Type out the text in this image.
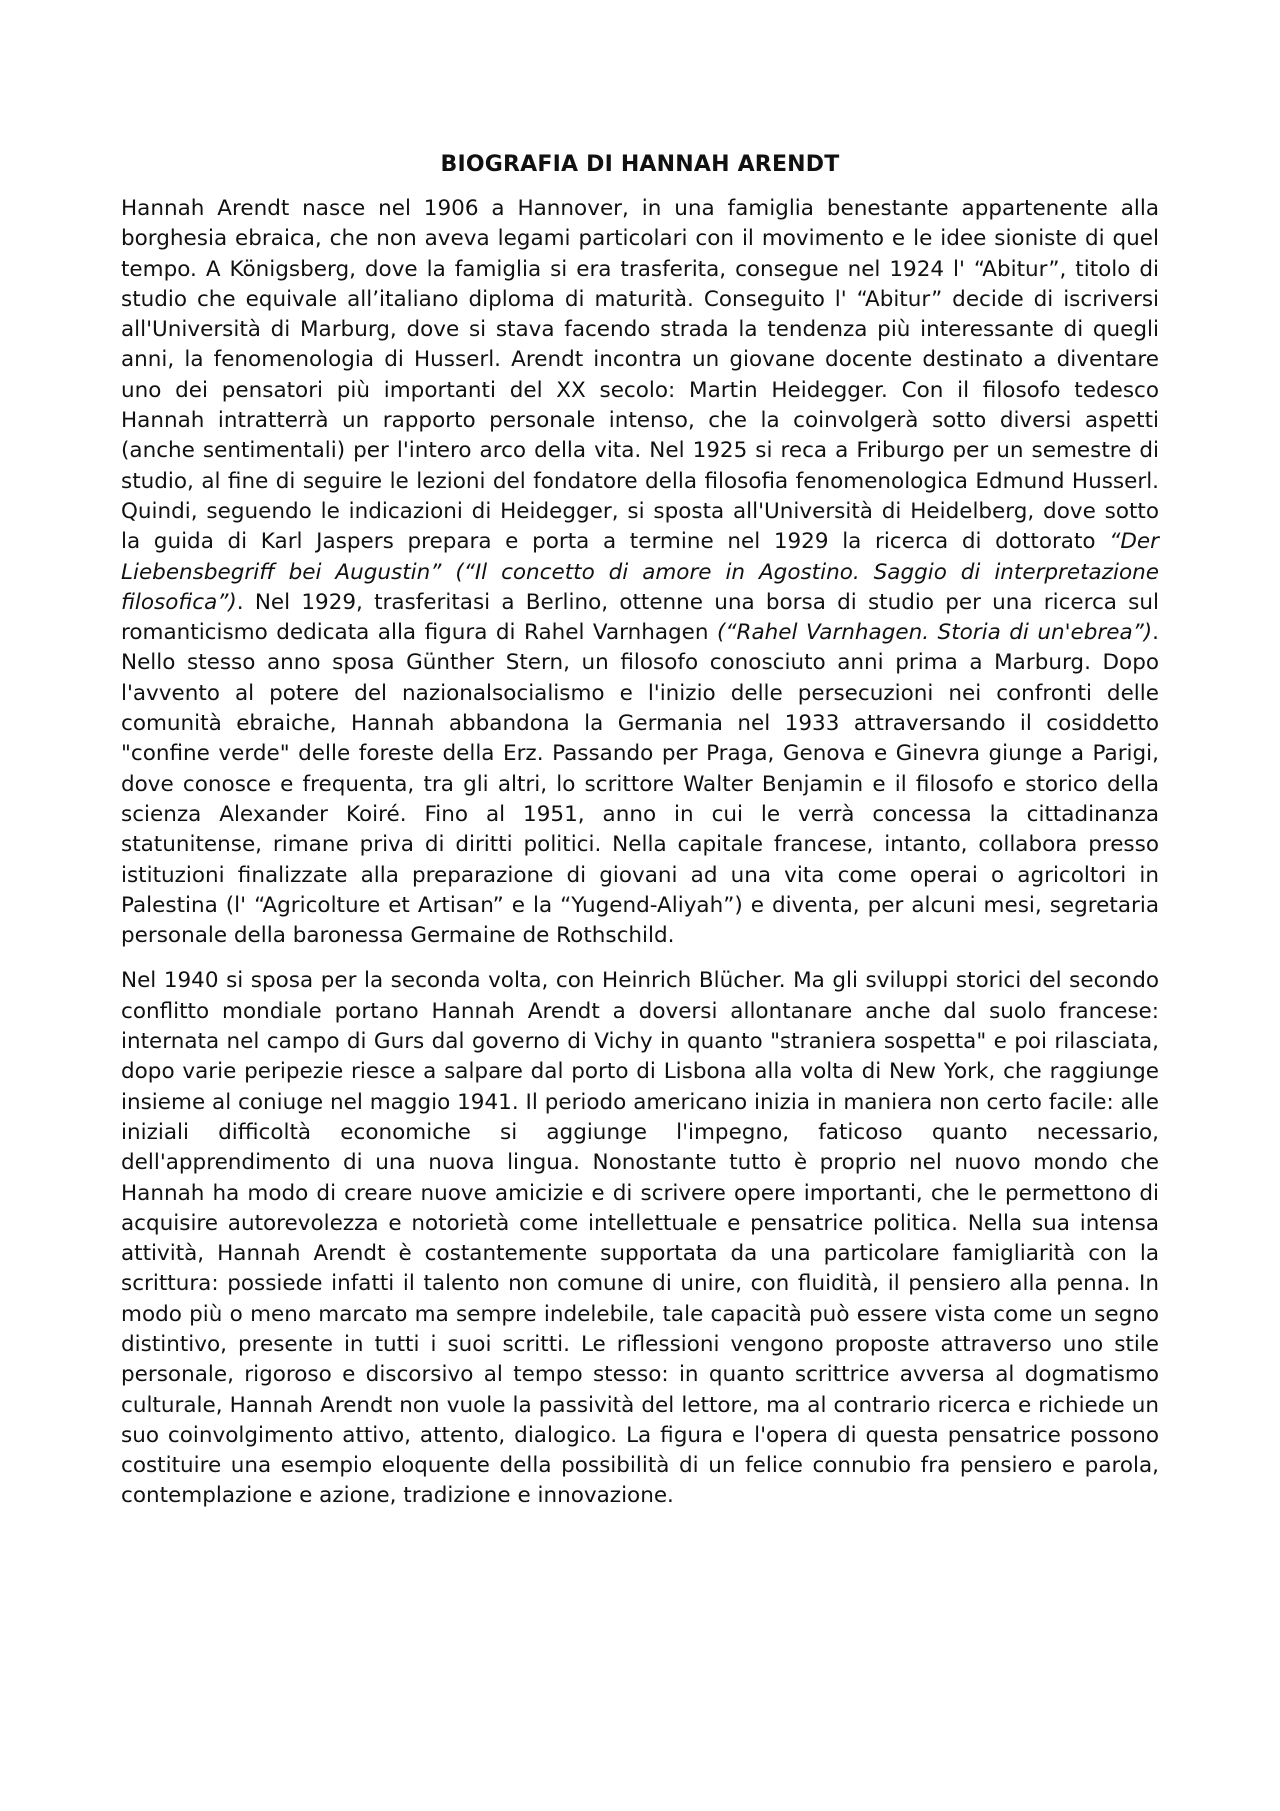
BIOGRAFIA DI HANNAH ARENDT

Hannah Arendt nasce nel 1906 a Hannover, in una famiglia benestante appartenente alla borghesia ebraica, che non aveva legami particolari con il movimento e le idee sioniste di quel tempo. A Königsberg, dove la famiglia si era trasferita, consegue nel 1924 l' “Abitur”, titolo di studio che equivale all’italiano diploma di maturità. Conseguito l' “Abitur” decide di iscriversi all'Università di Marburg, dove si stava facendo strada la tendenza più interessante di quegli anni, la fenomenologia di Husserl. Arendt incontra un giovane docente destinato a diventare uno dei pensatori più importanti del XX secolo: Martin Heidegger. Con il filosofo tedesco Hannah intratterrà un rapporto personale intenso, che la coinvolgerà sotto diversi aspetti (anche sentimentali) per l'intero arco della vita. Nel 1925 si reca a Friburgo per un semestre di studio, al fine di seguire le lezioni del fondatore della filosofia fenomenologica Edmund Husserl. Quindi, seguendo le indicazioni di Heidegger, si sposta all'Università di Heidelberg, dove sotto la guida di Karl Jaspers prepara e porta a termine nel 1929 la ricerca di dottorato “Der Liebensbegriff bei Augustin” (“Il concetto di amore in Agostino. Saggio di interpretazione filosofica”). Nel 1929, trasferitasi a Berlino, ottenne una borsa di studio per una ricerca sul romanticismo dedicata alla figura di Rahel Varnhagen (“Rahel Varnhagen. Storia di un'ebrea”). Nello stesso anno sposa Günther Stern, un filosofo conosciuto anni prima a Marburg. Dopo l'avvento al potere del nazionalsocialismo e l'inizio delle persecuzioni nei confronti delle comunità ebraiche, Hannah abbandona la Germania nel 1933 attraversando il cosiddetto "confine verde" delle foreste della Erz. Passando per Praga, Genova e Ginevra giunge a Parigi, dove conosce e frequenta, tra gli altri, lo scrittore Walter Benjamin e il filosofo e storico della scienza Alexander Koiré. Fino al 1951, anno in cui le verrà concessa la cittadinanza statunitense, rimane priva di diritti politici. Nella capitale francese, intanto, collabora presso istituzioni finalizzate alla preparazione di giovani ad una vita come operai o agricoltori in Palestina (l' “Agricolture et Artisan” e la “Yugend-Aliyah”) e diventa, per alcuni mesi, segretaria personale della baronessa Germaine de Rothschild.

Nel 1940 si sposa per la seconda volta, con Heinrich Blücher. Ma gli sviluppi storici del secondo conflitto mondiale portano Hannah Arendt a doversi allontanare anche dal suolo francese: internata nel campo di Gurs dal governo di Vichy in quanto "straniera sospetta" e poi rilasciata, dopo varie peripezie riesce a salpare dal porto di Lisbona alla volta di New York, che raggiunge insieme al coniuge nel maggio 1941. Il periodo americano inizia in maniera non certo facile: alle iniziali difficoltà economiche si aggiunge l'impegno, faticoso quanto necessario, dell'apprendimento di una nuova lingua. Nonostante tutto è proprio nel nuovo mondo che Hannah ha modo di creare nuove amicizie e di scrivere opere importanti, che le permettono di acquisire autorevolezza e notorietà come intellettuale e pensatrice politica. Nella sua intensa attività, Hannah Arendt è costantemente supportata da una particolare famigliarità con la scrittura: possiede infatti il talento non comune di unire, con fluidità, il pensiero alla penna. In modo più o meno marcato ma sempre indelebile, tale capacità può essere vista come un segno distintivo, presente in tutti i suoi scritti. Le riflessioni vengono proposte attraverso uno stile personale, rigoroso e discorsivo al tempo stesso: in quanto scrittrice avversa al dogmatismo culturale, Hannah Arendt non vuole la passività del lettore, ma al contrario ricerca e richiede un suo coinvolgimento attivo, attento, dialogico. La figura e l'opera di questa pensatrice possono costituire una esempio eloquente della possibilità di un felice connubio fra pensiero e parola, contemplazione e azione, tradizione e innovazione.
